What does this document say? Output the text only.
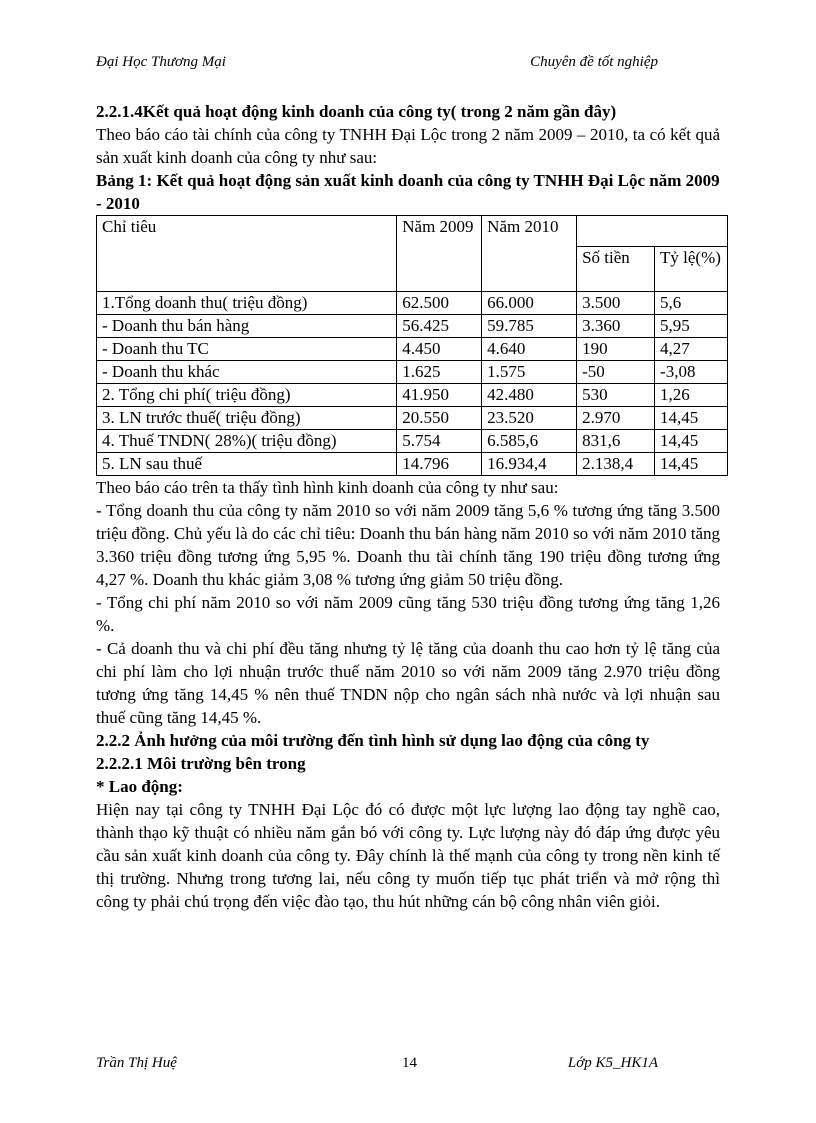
Đại Học Thương Mại	Chuyên đề tốt nghiệp

2.2.1.4Kết quả hoạt động kinh doanh của công ty( trong 2 năm gần đây)

Theo báo cáo tài chính của công ty TNHH Đại Lộc trong 2 năm 2009 – 2010, ta có kết quả sản xuất kinh doanh của công ty như sau:

Bảng 1: Kết quả hoạt động sản xuất kinh doanh của công ty TNHH Đại Lộc năm 2009 - 2010

Chỉ tiêu	Năm 2009	Năm 2010		
			Số tiền	Tỷ lệ(%)
1.Tổng doanh thu( triệu đồng)	62.500	66.000	3.500	5,6
- Doanh thu bán hàng	56.425	59.785	3.360	5,95
- Doanh thu TC	4.450	4.640	190	4,27
- Doanh thu khác	1.625	1.575	-50	-3,08
2. Tổng chi phí( triệu đồng)	41.950	42.480	530	1,26
3. LN trước thuế( triệu đồng)	20.550	23.520	2.970	14,45
4. Thuế TNDN( 28%)( triệu đồng)	5.754	6.585,6	831,6	14,45
5. LN sau thuế	14.796	16.934,4	2.138,4	14,45

Theo báo cáo trên ta thấy tình hình kinh doanh của công ty như sau:

- Tổng doanh thu của công ty năm 2010 so với năm 2009 tăng 5,6 % tương ứng tăng 3.500 triệu đồng. Chủ yếu là do các chỉ tiêu: Doanh thu bán hàng năm 2010 so với năm 2010 tăng 3.360 triệu đồng tương ứng 5,95 %. Doanh thu tài chính tăng 190 triệu đồng tương ứng 4,27 %. Doanh thu khác giảm 3,08 % tương ứng giảm 50 triệu đồng.

- Tổng chi phí năm 2010 so với năm 2009 cũng tăng 530 triệu đồng tương ứng tăng 1,26 %.

- Cả doanh thu và chi phí đều tăng nhưng tỷ lệ tăng của doanh thu cao hơn tỷ lệ tăng của chi phí làm cho lợi nhuận trước thuế năm 2010 so với năm 2009 tăng 2.970 triệu đồng tương ứng tăng 14,45 % nên thuế TNDN nộp cho ngân sách nhà nước và lợi nhuận sau thuế cũng tăng 14,45 %.

2.2.2 Ảnh hưởng của môi trường đến tình hình sử dụng lao động của công ty

2.2.2.1 Môi trường bên trong

* Lao động:

Hiện nay tại công ty TNHH Đại Lộc đó có được một lực lượng lao động tay nghề cao, thành thạo kỹ thuật có nhiều năm gắn bó với công ty. Lực lượng này đó đáp ứng được yêu cầu sản xuất kinh doanh của công ty. Đây chính là thế mạnh của công ty trong nền kinh tế thị trường. Nhưng trong tương lai, nếu công ty muốn tiếp tục phát triển và mở rộng thì công ty phải chú trọng đến việc đào tạo, thu hút những cán bộ công nhân viên giỏi.

Trần Thị Huệ	14	Lớp K5_HK1A
